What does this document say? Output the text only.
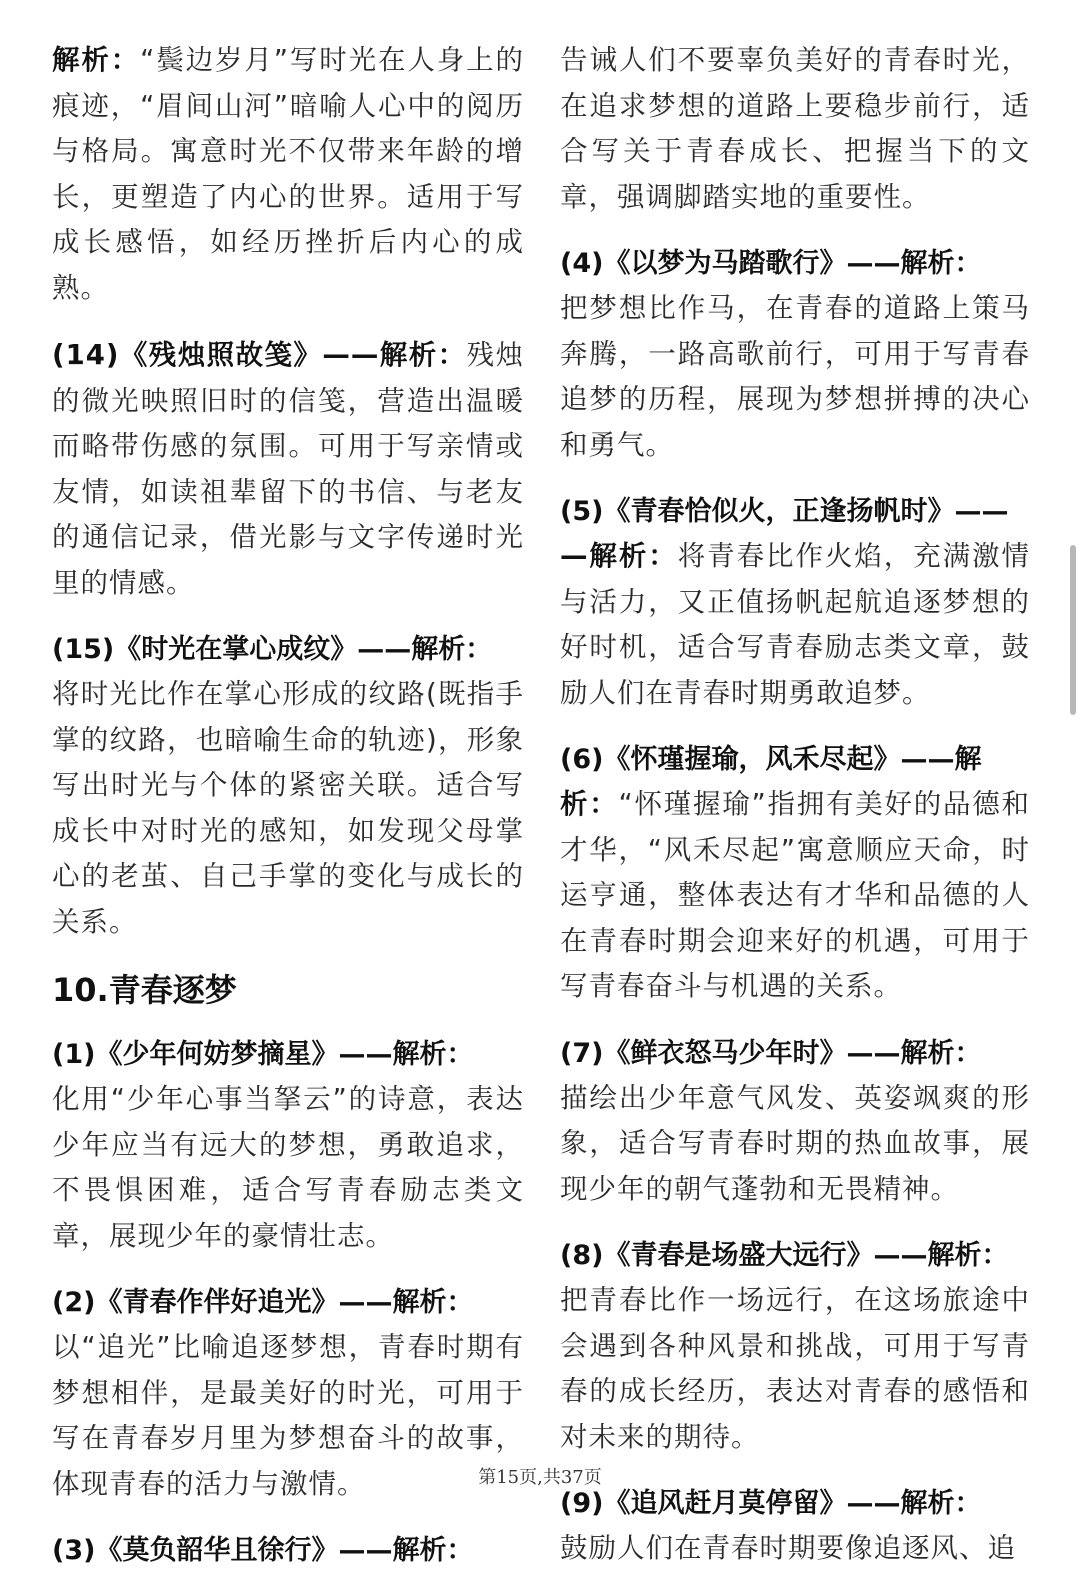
解析：“鬓边岁月”写时光在人身上的痕迹，“眉间山河”暗喻人心中的阅历与格局。寓意时光不仅带来年龄的增长，更塑造了内心的世界。适用于写成长感悟，如经历挫折后内心的成熟。
(14)《残烛照故笺》——解析：残烛的微光映照旧时的信笺，营造出温暖而略带伤感的氛围。可用于写亲情或友情，如读祖辈留下的书信、与老友的通信记录，借光影与文字传递时光里的情感。
(15)《时光在掌心成纹》——解析：
将时光比作在掌心形成的纹路(既指手掌的纹路，也暗喻生命的轨迹)，形象写出时光与个体的紧密关联。适合写成长中对时光的感知，如发现父母掌心的老茧、自己手掌的变化与成长的关系。
10.青春逐梦
(1)《少年何妨梦摘星》——解析：
化用“少年心事当拏云”的诗意，表达少年应当有远大的梦想，勇敢追求，不畏惧困难，适合写青春励志类文章，展现少年的豪情壮志。
(2)《青春作伴好追光》——解析：
以“追光”比喻追逐梦想，青春时期有梦想相伴，是最美好的时光，可用于写在青春岁月里为梦想奋斗的故事，体现青春的活力与激情。
(3)《莫负韶华且徐行》——解析：
告诫人们不要辜负美好的青春时光，在追求梦想的道路上要稳步前行，适合写关于青春成长、把握当下的文章，强调脚踏实地的重要性。
(4)《以梦为马踏歌行》——解析：
把梦想比作马，在青春的道路上策马奔腾，一路高歌前行，可用于写青春追梦的历程，展现为梦想拼搏的决心和勇气。
(5)《青春恰似火，正逢扬帆时》——
—解析：将青春比作火焰，充满激情与活力，又正值扬帆起航追逐梦想的好时机，适合写青春励志类文章，鼓励人们在青春时期勇敢追梦。
(6)《怀瑾握瑜，风禾尽起》——解
析：“怀瑾握瑜”指拥有美好的品德和才华，“风禾尽起”寓意顺应天命，时运亨通，整体表达有才华和品德的人在青春时期会迎来好的机遇，可用于写青春奋斗与机遇的关系。
(7)《鲜衣怒马少年时》——解析：
描绘出少年意气风发、英姿飒爽的形象，适合写青春时期的热血故事，展现少年的朝气蓬勃和无畏精神。
(8)《青春是场盛大远行》——解析：
把青春比作一场远行，在这场旅途中会遇到各种风景和挑战，可用于写青春的成长经历，表达对青春的感悟和对未来的期待。
(9)《追风赶月莫停留》——解析：
鼓励人们在青春时期要像追逐风、追
第15页,共37页
